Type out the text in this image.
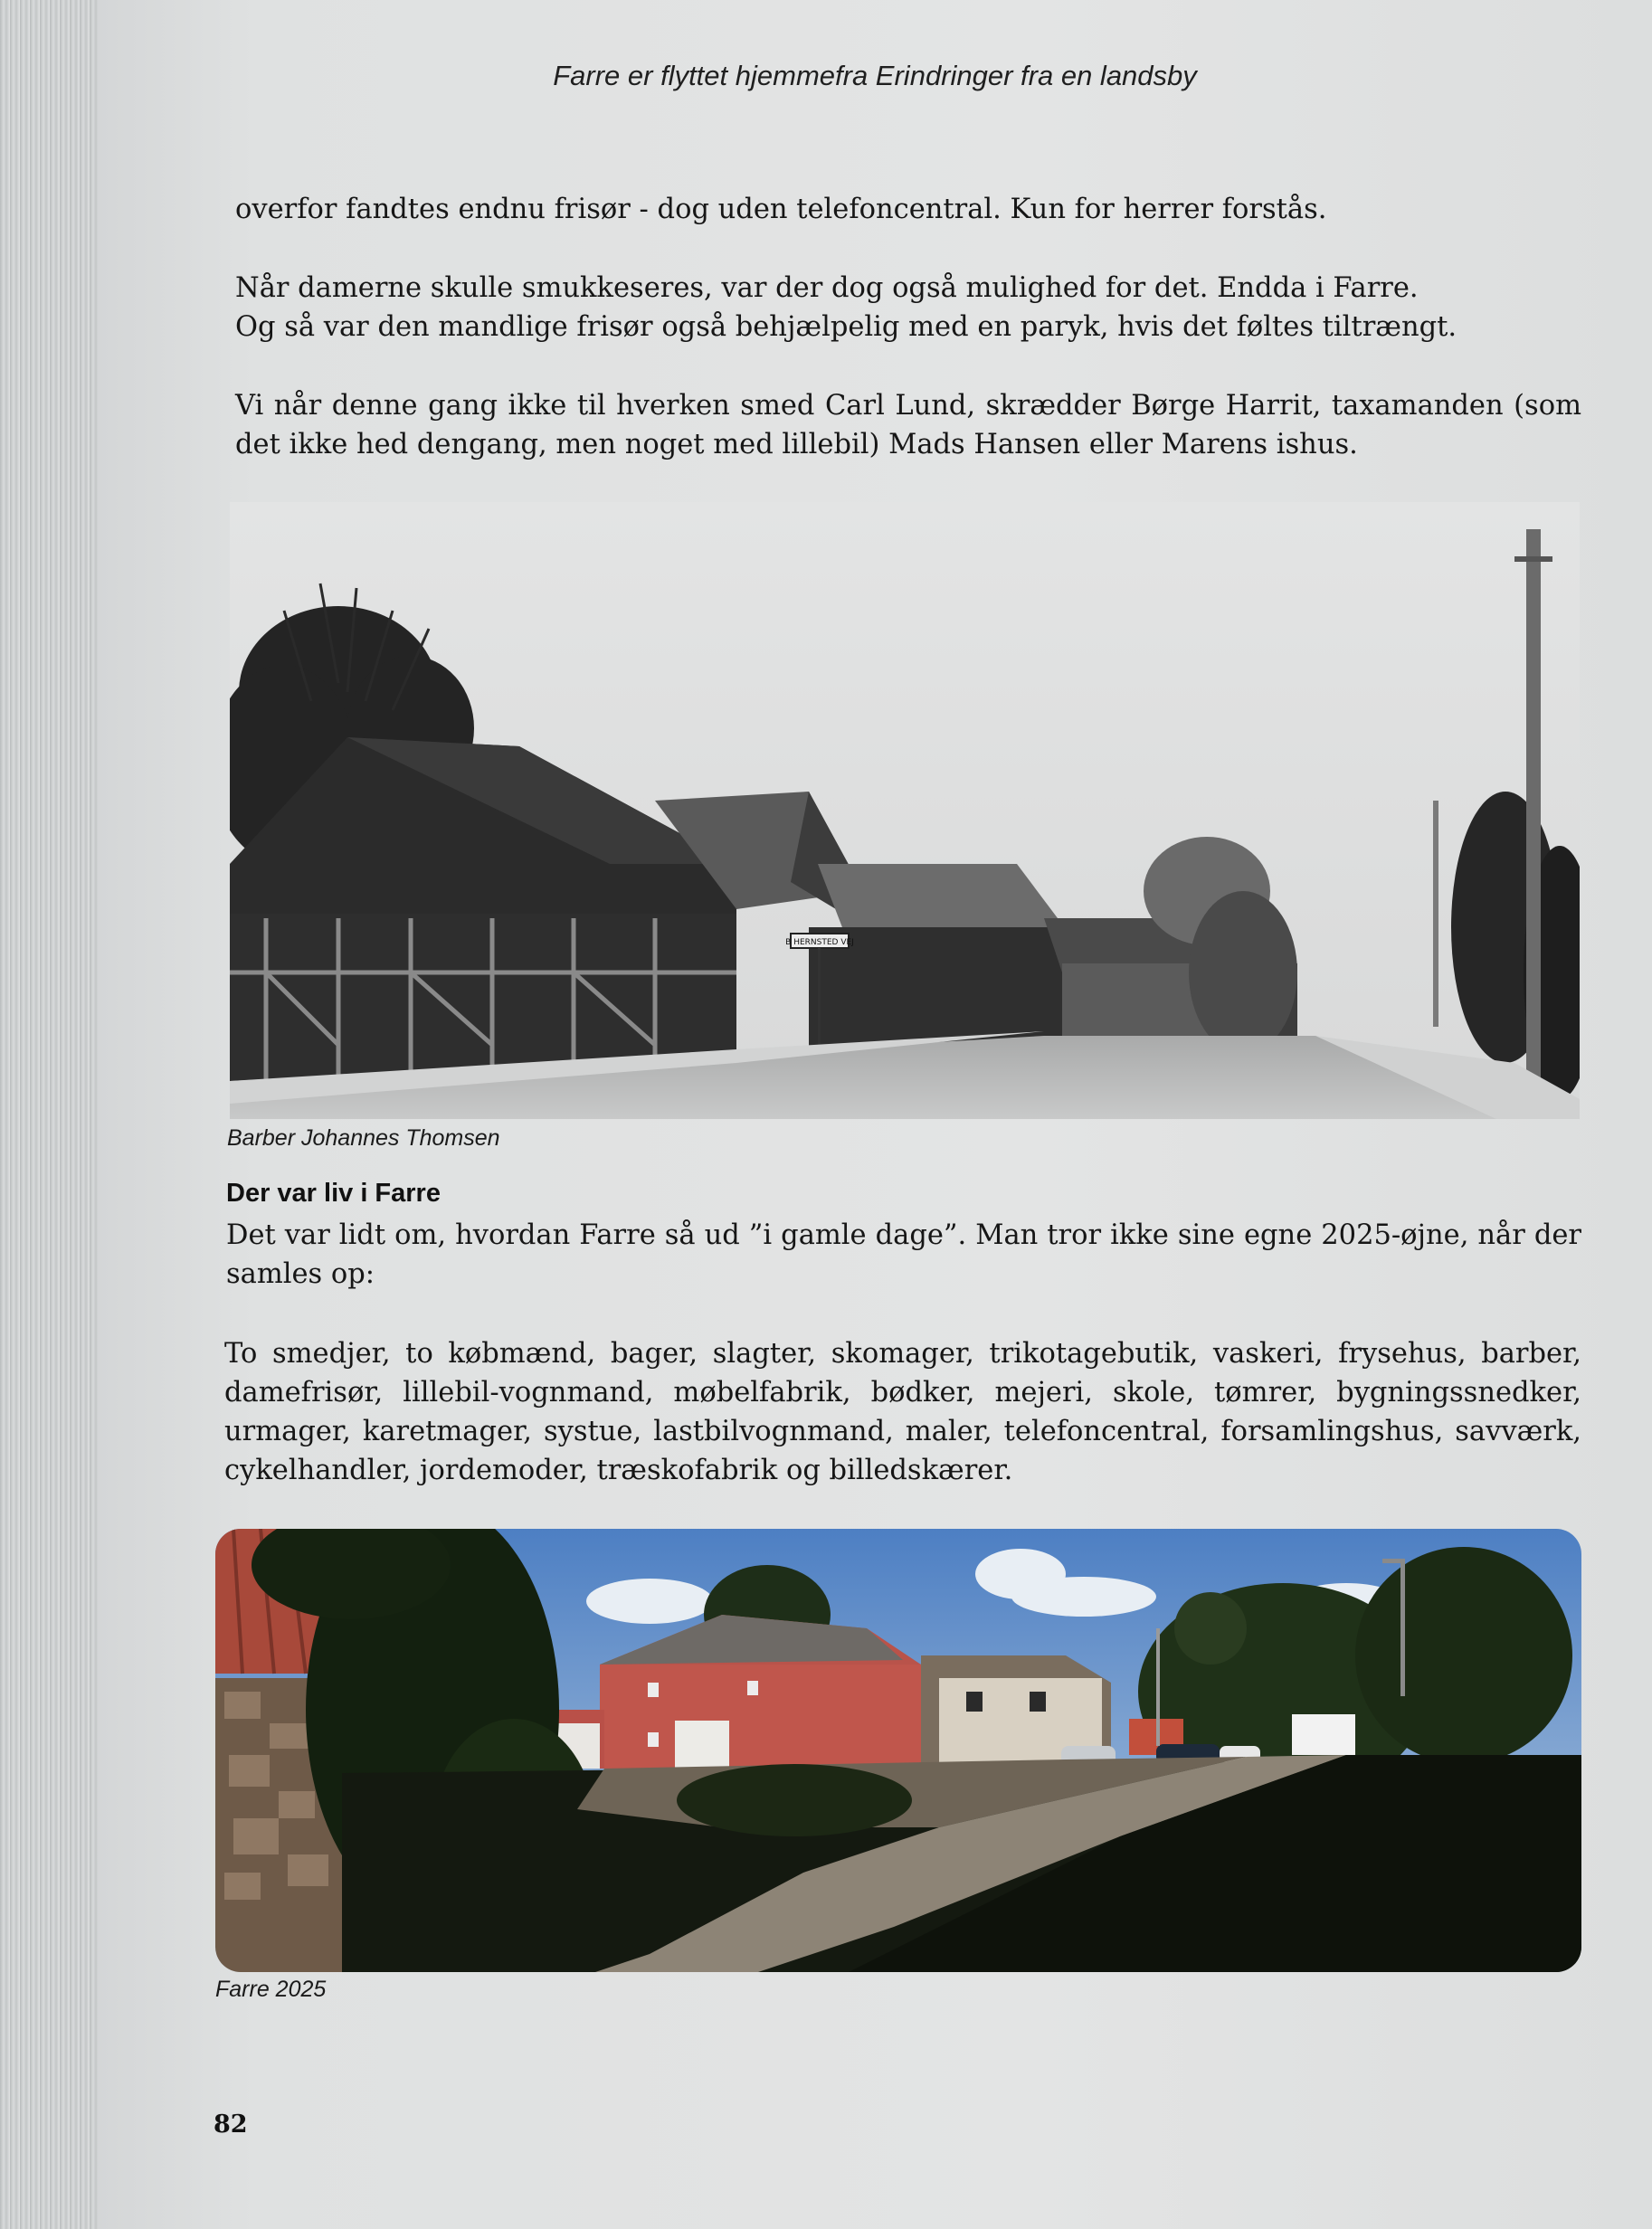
Farre er flyttet hjemmefra Erindringer fra en landsby

overfor fandtes endnu frisør - dog uden telefoncentral. Kun for herrer forstås.

Når damerne skulle smukkeseres, var der dog også mulighed for det. Endda i Farre.

Og så var den mandlige frisør også behjælpelig med en paryk, hvis det føltes tiltrængt.

Vi når denne gang ikke til hverken smed Carl Lund, skrædder Børge Harrit, taxamanden (som

det ikke hed dengang, men noget med lillebil) Mads Hansen eller Marens ishus.

B HERNSTED VEJ
Barber Johannes Thomsen
Der var liv i Farre

Det var lidt om, hvordan Farre så ud ”i gamle dage”. Man tror ikke sine egne 2025-øjne, når der

samles op:

To smedjer, to købmænd, bager, slagter, skomager, trikotagebutik, vaskeri, frysehus, barber,

damefrisør, lillebil-vognmand, møbelfabrik, bødker, mejeri, skole, tømrer, bygningssnedker,

urmager, karetmager, systue, lastbilvognmand, maler, telefoncentral, forsamlingshus, savværk,

cykelhandler, jordemoder, træskofabrik og billedskærer.

Farre 2025
82
